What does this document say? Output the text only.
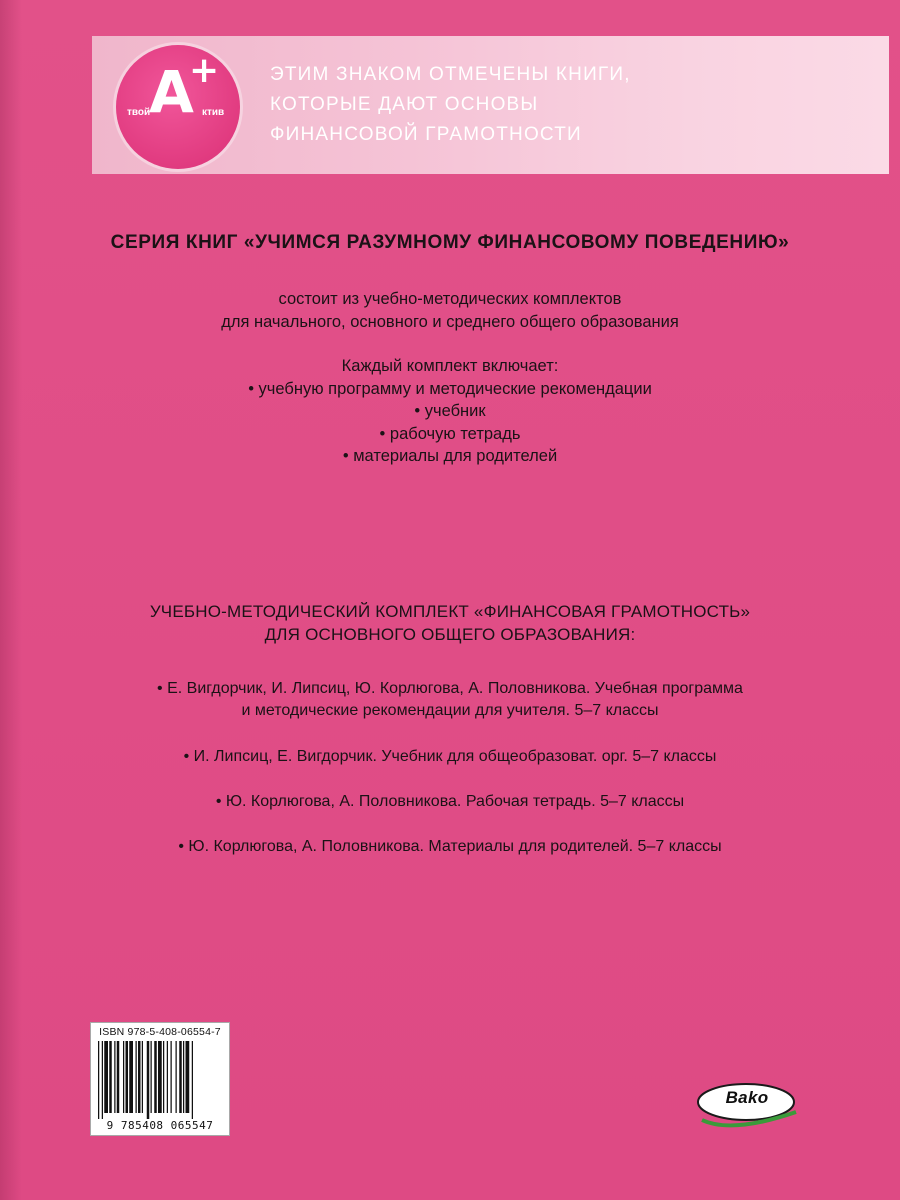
A
+
твой	ктив
ЭТИМ ЗНАКОМ ОТМЕЧЕНЫ КНИГИ,
КОТОРЫЕ ДАЮТ ОСНОВЫ
ФИНАНСОВОЙ ГРАМОТНОСТИ
СЕРИЯ КНИГ «УЧИМСЯ РАЗУМНОМУ ФИНАНСОВОМУ ПОВЕДЕНИЮ»
состоит из учебно-методических комплектов
для начального, основного и среднего общего образования
Каждый комплект включает:
• учебную программу и методические рекомендации
• учебник
• рабочую тетрадь
• материалы для родителей
УЧЕБНО-МЕТОДИЧЕСКИЙ КОМПЛЕКТ «ФИНАНСОВАЯ ГРАМОТНОСТЬ»
ДЛЯ ОСНОВНОГО ОБЩЕГО ОБРАЗОВАНИЯ:
• Е. Вигдорчик, И. Липсиц, Ю. Корлюгова, А. Половникова. Учебная программа
и методические рекомендации для учителя. 5–7 классы
• И. Липсиц, Е. Вигдорчик. Учебник для общеобразоват. орг. 5–7 классы
• Ю. Корлюгова, А. Половникова. Рабочая тетрадь. 5–7 классы
• Ю. Корлюгова, А. Половникова. Материалы для родителей. 5–7 классы
ISBN 978-5-408-06554-7
9 785408 065547
Bako
